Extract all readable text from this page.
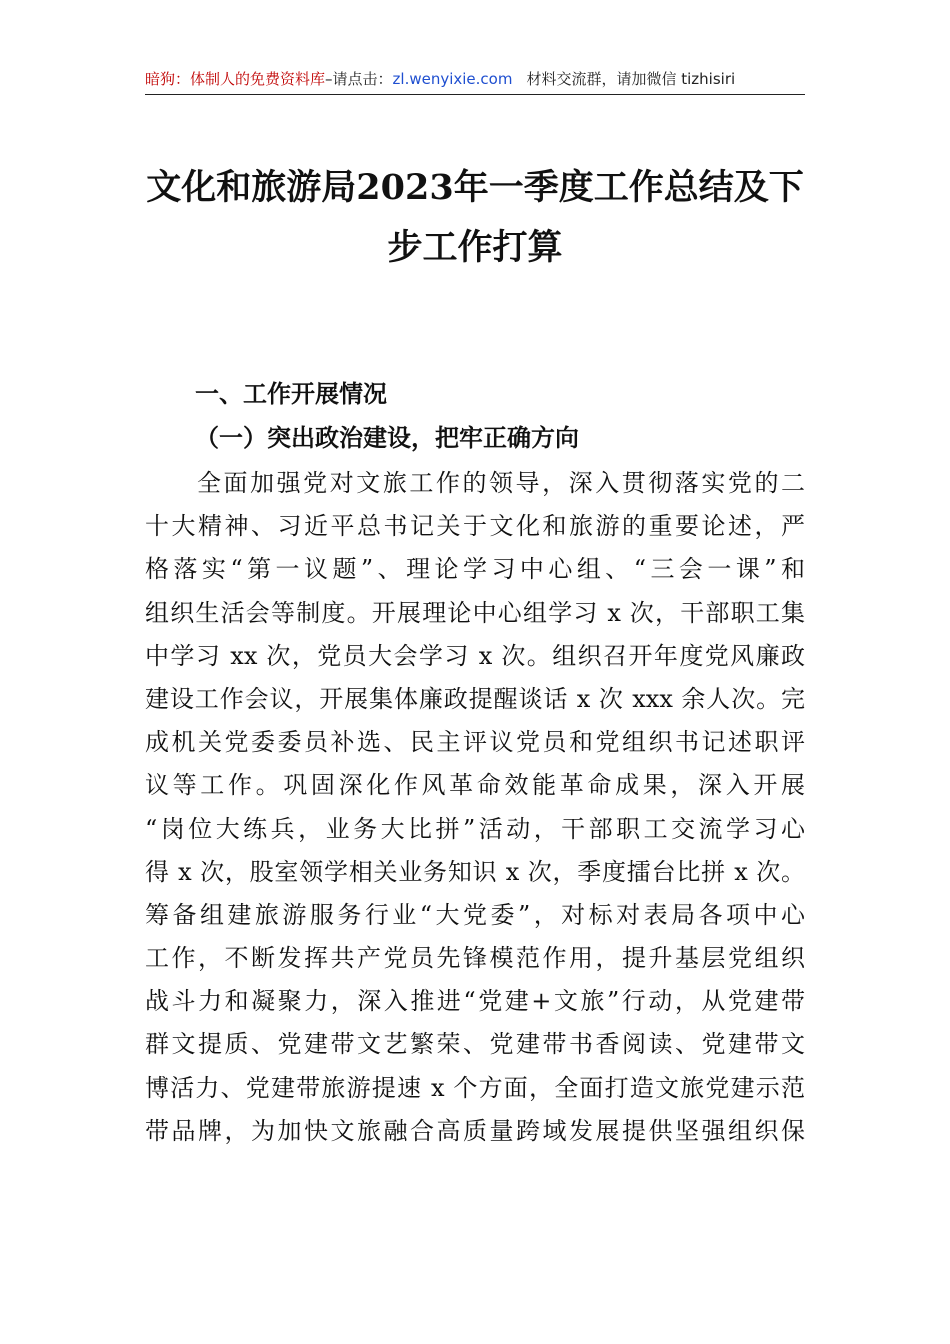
暗狗：体制人的免费资料库–请点击：zl.wenyixie.com 材料交流群，请加微信 tizhisiri
文化和旅游局2023年一季度工作总结及下
步工作打算
一、工作开展情况
（一）突出政治建设，把牢正确方向
全面加强党对文旅工作的领导，深入贯彻落实党的二
十大精神、习近平总书记关于文化和旅游的重要论述，严
格落实“第一议题”、理论学习中心组、“三会一课”和
组织生活会等制度。开展理论中心组学习 x 次，干部职工集
中学习 xx 次，党员大会学习 x 次。组织召开年度党风廉政
建设工作会议，开展集体廉政提醒谈话 x 次 xxx 余人次。完
成机关党委委员补选、民主评议党员和党组织书记述职评
议等工作。巩固深化作风革命效能革命成果，深入开展
“岗位大练兵，业务大比拼”活动，干部职工交流学习心
得 x 次，股室领学相关业务知识 x 次，季度擂台比拼 x 次。
筹备组建旅游服务行业“大党委”，对标对表局各项中心
工作，不断发挥共产党员先锋模范作用，提升基层党组织
战斗力和凝聚力，深入推进“党建+文旅”行动，从党建带
群文提质、党建带文艺繁荣、党建带书香阅读、党建带文
博活力、党建带旅游提速 x 个方面，全面打造文旅党建示范
带品牌，为加快文旅融合高质量跨域发展提供坚强组织保
